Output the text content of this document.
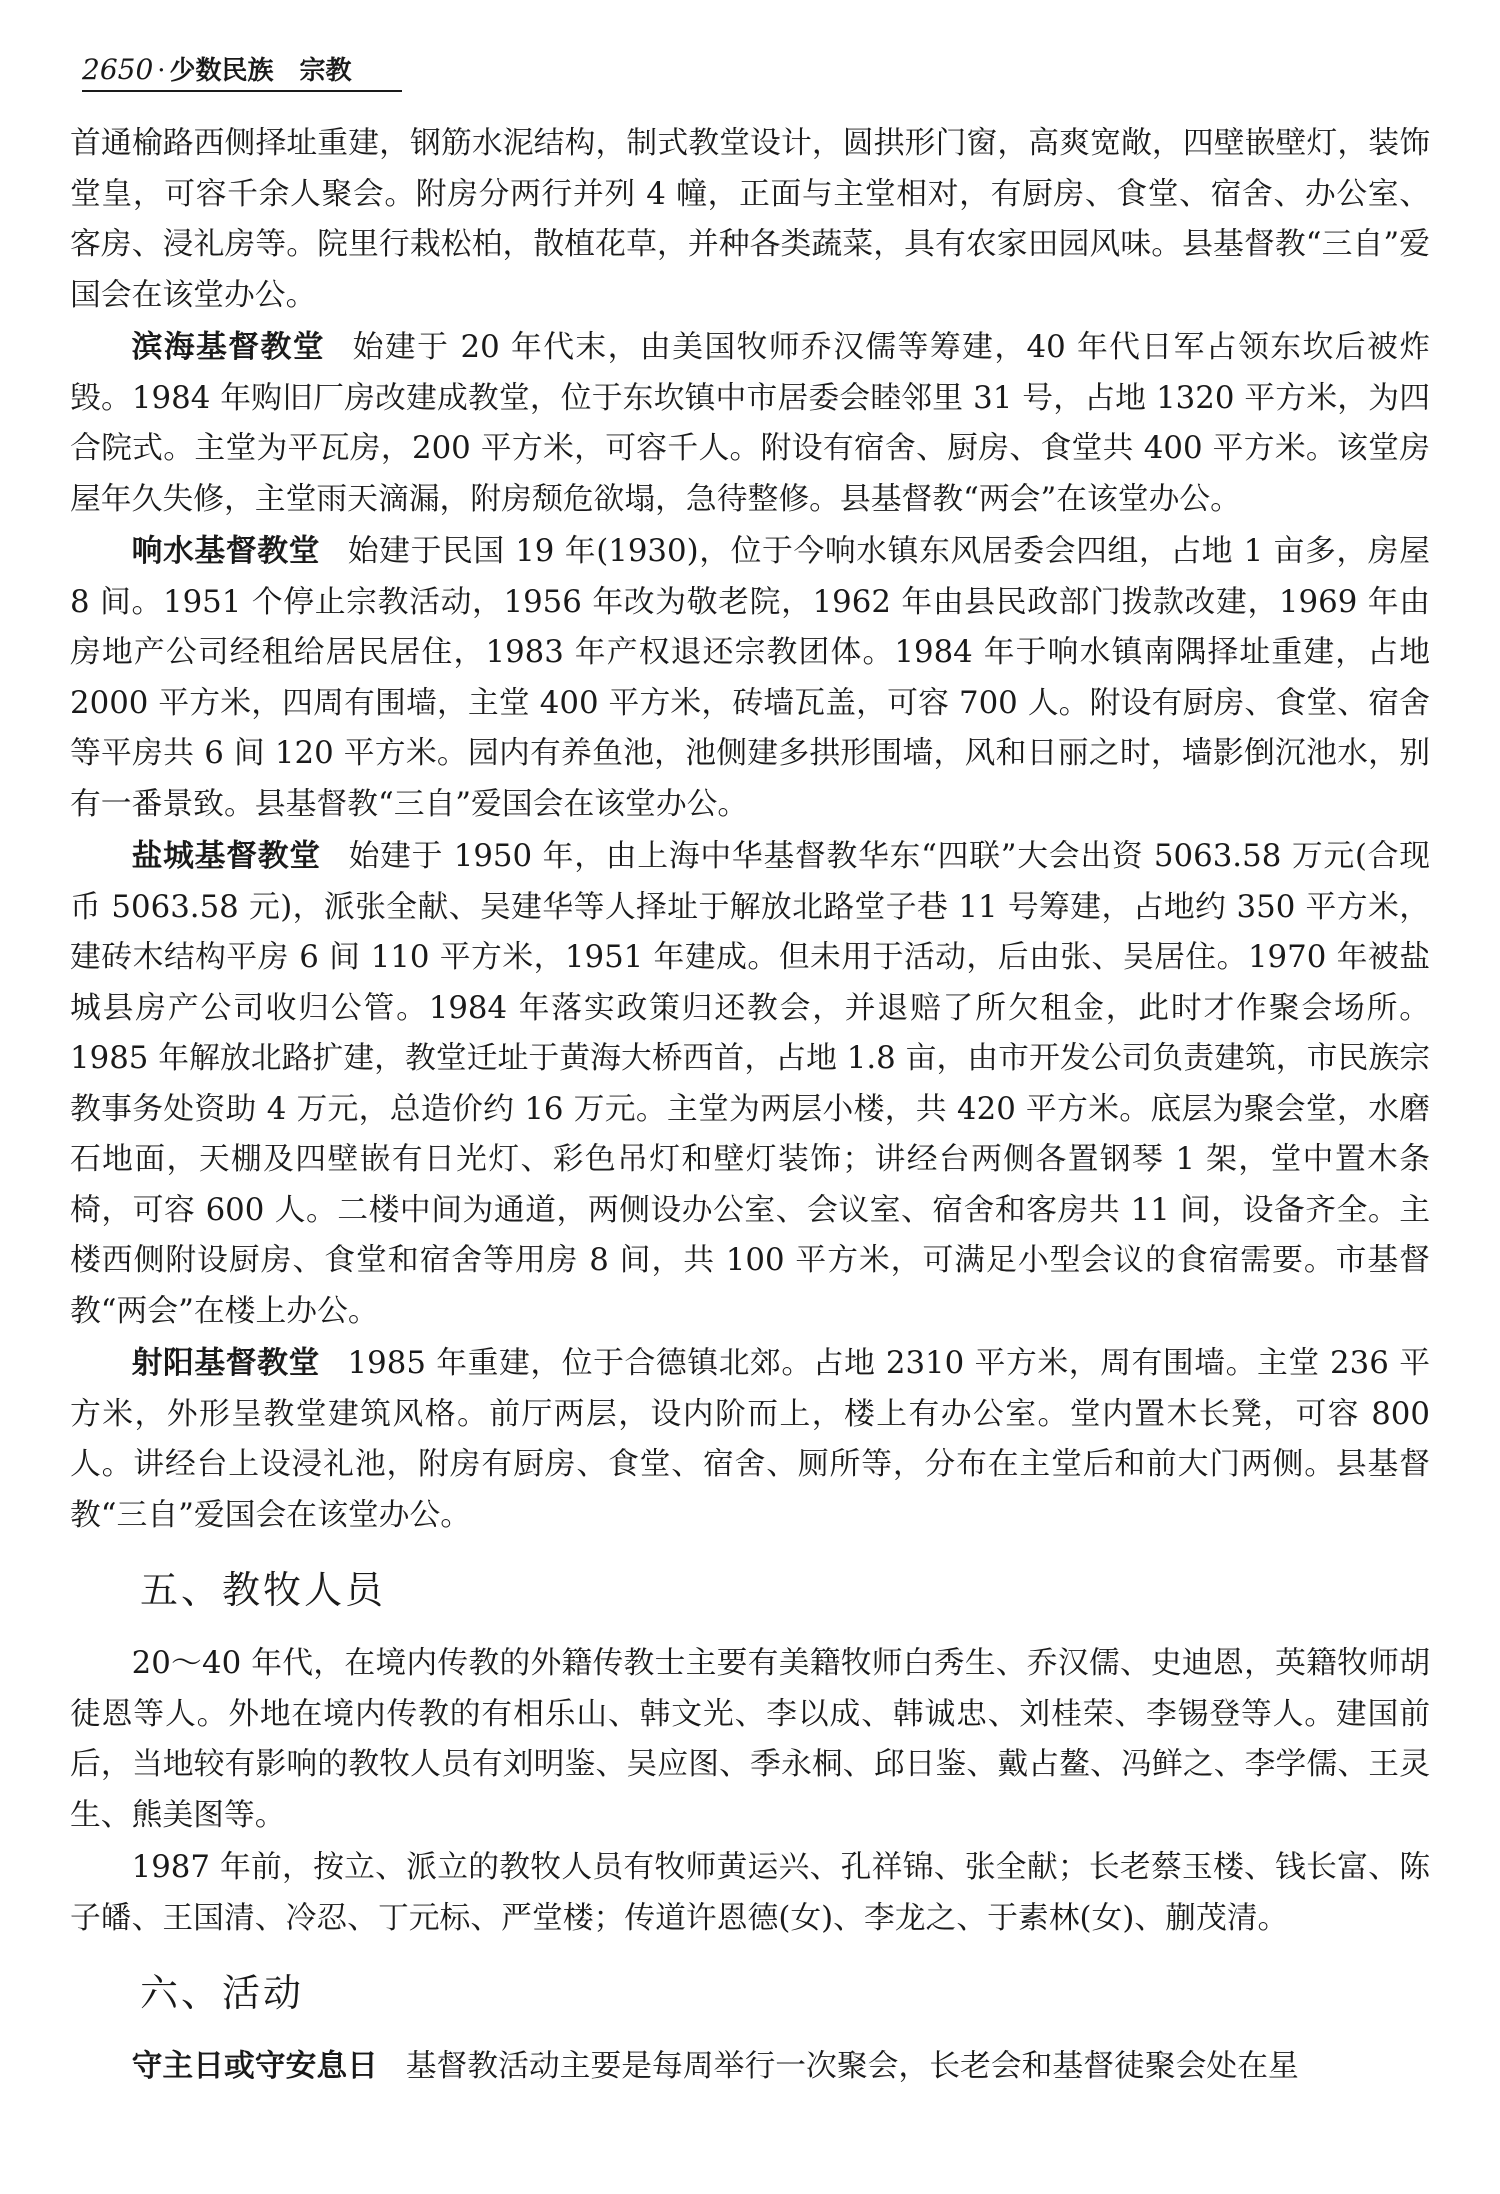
2650 · 少数民族　宗教

首通榆路西侧择址重建，钢筋水泥结构，制式教堂设计，圆拱形门窗，高爽宽敞，四壁嵌壁灯，装饰堂皇，可容千余人聚会。附房分两行并列 4 幢，正面与主堂相对，有厨房、食堂、宿舍、办公室、客房、浸礼房等。院里行栽松柏，散植花草，并种各类蔬菜，具有农家田园风味。县基督教“三自”爱国会在该堂办公。

滨海基督教堂 始建于 20 年代末，由美国牧师乔汉儒等筹建，40 年代日军占领东坎后被炸毁。1984 年购旧厂房改建成教堂，位于东坎镇中市居委会睦邻里 31 号，占地 1320 平方米，为四合院式。主堂为平瓦房，200 平方米，可容千人。附设有宿舍、厨房、食堂共 400 平方米。该堂房屋年久失修，主堂雨天滴漏，附房颓危欲塌，急待整修。县基督教“两会”在该堂办公。

响水基督教堂 始建于民国 19 年(1930)，位于今响水镇东风居委会四组，占地 1 亩多，房屋 8 间。1951 个停止宗教活动，1956 年改为敬老院，1962 年由县民政部门拨款改建，1969 年由房地产公司经租给居民居住，1983 年产权退还宗教团体。1984 年于响水镇南隅择址重建，占地 2000 平方米，四周有围墙，主堂 400 平方米，砖墙瓦盖，可容 700 人。附设有厨房、食堂、宿舍等平房共 6 间 120 平方米。园内有养鱼池，池侧建多拱形围墙，风和日丽之时，墙影倒沉池水，别有一番景致。县基督教“三自”爱国会在该堂办公。

盐城基督教堂 始建于 1950 年，由上海中华基督教华东“四联”大会出资 5063.58 万元(合现币 5063.58 元)，派张全献、吴建华等人择址于解放北路堂子巷 11 号筹建，占地约 350 平方米，建砖木结构平房 6 间 110 平方米，1951 年建成。但未用于活动，后由张、吴居住。1970 年被盐城县房产公司收归公管。1984 年落实政策归还教会，并退赔了所欠租金，此时才作聚会场所。1985 年解放北路扩建，教堂迁址于黄海大桥西首，占地 1.8 亩，由市开发公司负责建筑，市民族宗教事务处资助 4 万元，总造价约 16 万元。主堂为两层小楼，共 420 平方米。底层为聚会堂，水磨石地面，天棚及四壁嵌有日光灯、彩色吊灯和壁灯装饰；讲经台两侧各置钢琴 1 架，堂中置木条椅，可容 600 人。二楼中间为通道，两侧设办公室、会议室、宿舍和客房共 11 间，设备齐全。主楼西侧附设厨房、食堂和宿舍等用房 8 间，共 100 平方米，可满足小型会议的食宿需要。市基督教“两会”在楼上办公。

射阳基督教堂 1985 年重建，位于合德镇北郊。占地 2310 平方米，周有围墙。主堂 236 平方米，外形呈教堂建筑风格。前厅两层，设内阶而上，楼上有办公室。堂内置木长凳，可容 800 人。讲经台上设浸礼池，附房有厨房、食堂、宿舍、厕所等，分布在主堂后和前大门两侧。县基督教“三自”爱国会在该堂办公。

五、教牧人员

20～40 年代，在境内传教的外籍传教士主要有美籍牧师白秀生、乔汉儒、史迪恩，英籍牧师胡徒恩等人。外地在境内传教的有相乐山、韩文光、李以成、韩诚忠、刘桂荣、李锡登等人。建国前后，当地较有影响的教牧人员有刘明鉴、吴应图、季永桐、邱日鉴、戴占鳌、冯鲜之、李学儒、王灵生、熊美图等。

1987 年前，按立、派立的教牧人员有牧师黄运兴、孔祥锦、张全献；长老蔡玉楼、钱长富、陈子皤、王国清、冷忍、丁元标、严堂楼；传道许恩德(女)、李龙之、于素林(女)、蒯茂清。

六、活动

守主日或守安息日 基督教活动主要是每周举行一次聚会，长老会和基督徒聚会处在星
